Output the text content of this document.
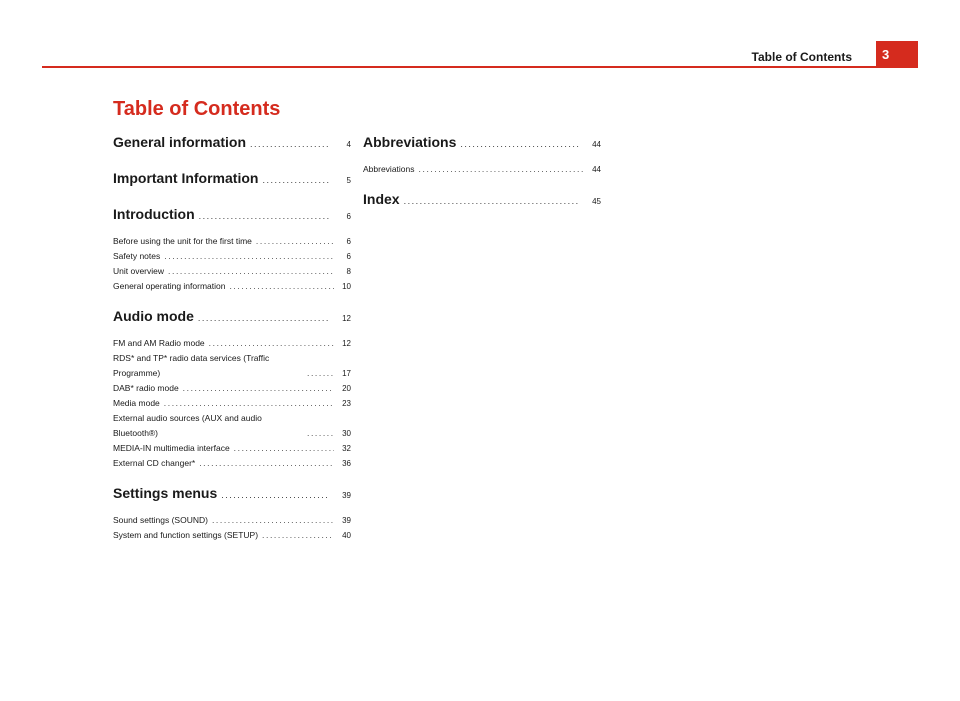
Table of Contents	3
Table of Contents
General information .....	4
Important Information .....	5
Introduction .....	6
Before using the unit for the first time .....	6
Safety notes .....	6
Unit overview .....	8
General operating information .....	10
Audio mode .....	12
FM and AM Radio mode .....	12
RDS* and TP* radio data services (Traffic Programme) .....	17
DAB* radio mode .....	20
Media mode .....	23
External audio sources (AUX and audio Bluetooth®) .....	30
MEDIA-IN multimedia interface .....	32
External CD changer* .....	36
Settings menus .....	39
Sound settings (SOUND) .....	39
System and function settings (SETUP) .....	40
Abbreviations .....	44
Abbreviations .....	44
Index .....	45
